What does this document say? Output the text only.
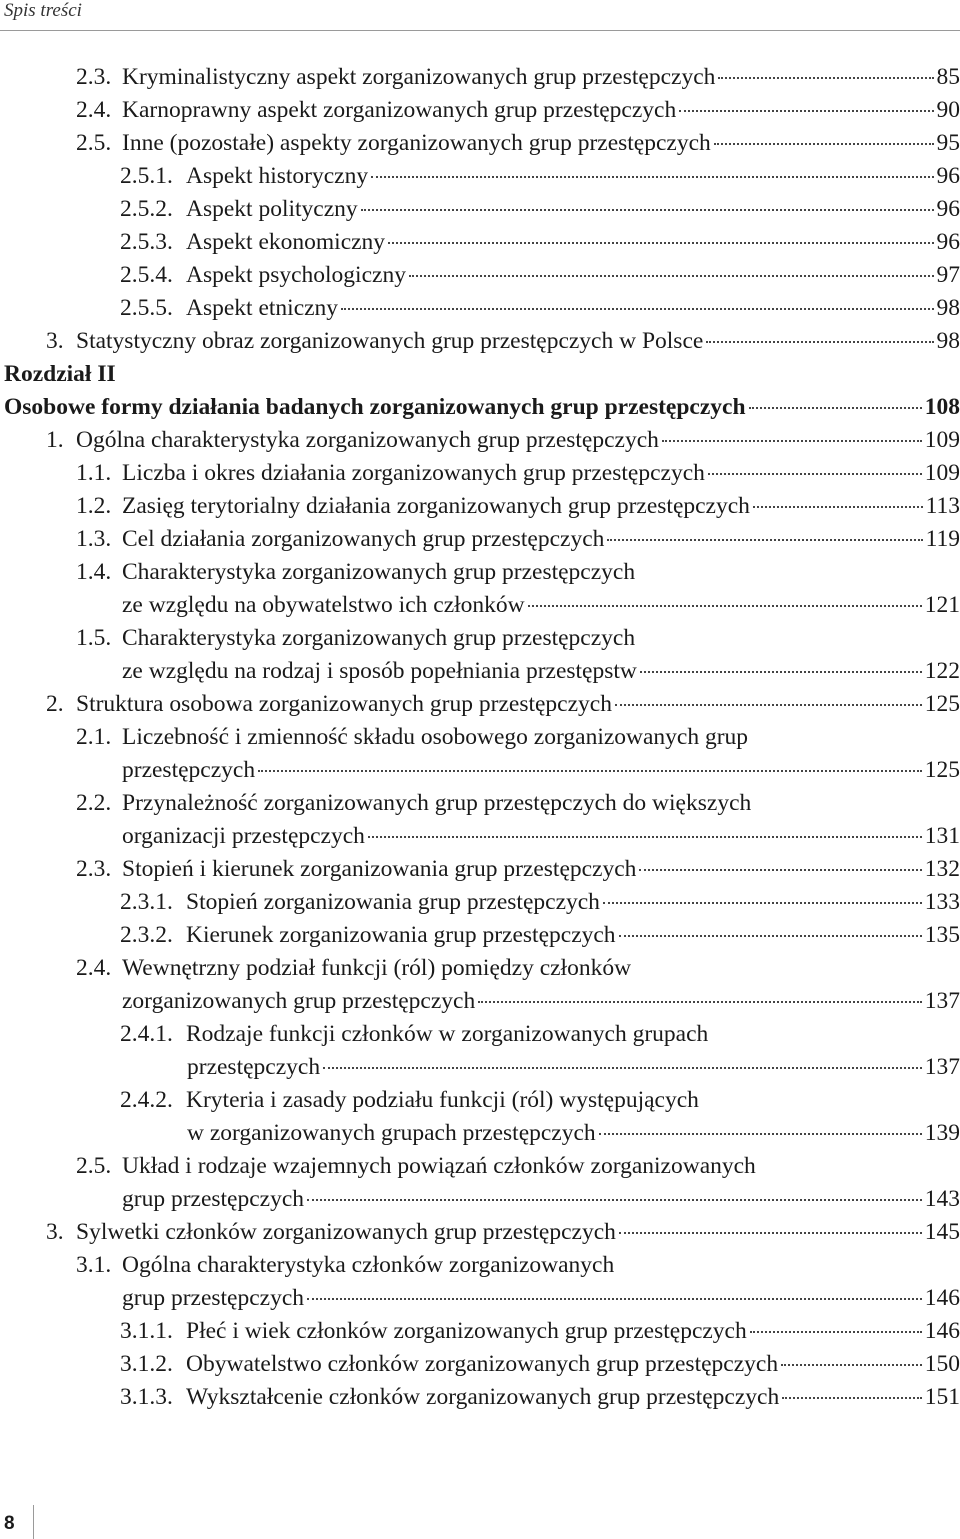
Spis treści
2.3. Kryminalistyczny aspekt zorganizowanych grup przestępczych	85
2.4. Karnoprawny aspekt zorganizowanych grup przestępczych	90
2.5. Inne (pozostałe) aspekty zorganizowanych grup przestępczych	95
2.5.1. Aspekt historyczny	96
2.5.2. Aspekt polityczny	96
2.5.3. Aspekt ekonomiczny	96
2.5.4. Aspekt psychologiczny	97
2.5.5. Aspekt etniczny	98
3. Statystyczny obraz zorganizowanych grup przestępczych w Polsce	98
Rozdział II
Osobowe formy działania badanych zorganizowanych grup przestępczych	108
1. Ogólna charakterystyka zorganizowanych grup przestępczych	109
1.1. Liczba i okres działania zorganizowanych grup przestępczych	109
1.2. Zasięg terytorialny działania zorganizowanych grup przestępczych	113
1.3. Cel działania zorganizowanych grup przestępczych	119
1.4. Charakterystyka zorganizowanych grup przestępczych
ze względu na obywatelstwo ich członków	121
1.5. Charakterystyka zorganizowanych grup przestępczych
ze względu na rodzaj i sposób popełniania przestępstw	122
2. Struktura osobowa zorganizowanych grup przestępczych	125
2.1. Liczebność i zmienność składu osobowego zorganizowanych grup
przestępczych	125
2.2. Przynależność zorganizowanych grup przestępczych do większych
organizacji przestępczych	131
2.3. Stopień i kierunek zorganizowania grup przestępczych	132
2.3.1. Stopień zorganizowania grup przestępczych	133
2.3.2. Kierunek zorganizowania grup przestępczych	135
2.4. Wewnętrzny podział funkcji (ról) pomiędzy członków
zorganizowanych grup przestępczych	137
2.4.1. Rodzaje funkcji członków w zorganizowanych grupach
przestępczych	137
2.4.2. Kryteria i zasady podziału funkcji (ról) występujących
w zorganizowanych grupach przestępczych	139
2.5. Układ i rodzaje wzajemnych powiązań członków zorganizowanych
grup przestępczych	143
3. Sylwetki członków zorganizowanych grup przestępczych	145
3.1. Ogólna charakterystyka członków zorganizowanych
grup przestępczych	146
3.1.1. Płeć i wiek członków zorganizowanych grup przestępczych	146
3.1.2. Obywatelstwo członków zorganizowanych grup przestępczych	150
3.1.3. Wykształcenie członków zorganizowanych grup przestępczych	151
8
